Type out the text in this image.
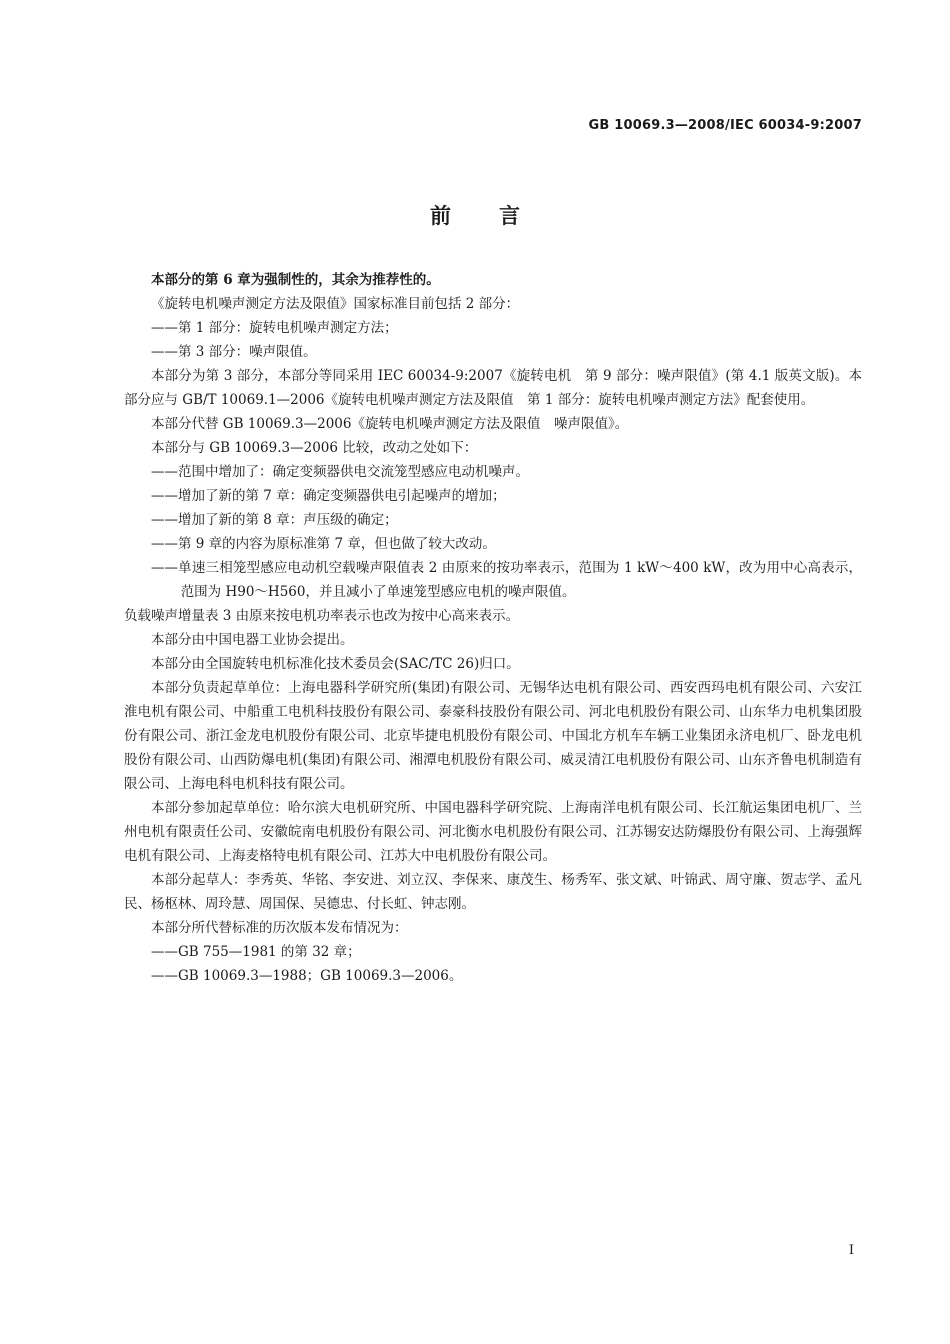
GB 10069.3—2008/IEC 60034-9:2007
前 言

本部分的第 6 章为强制性的，其余为推荐性的。

《旋转电机噪声测定方法及限值》国家标准目前包括 2 部分：

——第 1 部分：旋转电机噪声测定方法；

——第 3 部分：噪声限值。

本部分为第 3 部分，本部分等同采用 IEC 60034-9:2007《旋转电机　第 9 部分：噪声限值》(第 4.1 版英文版)。本部分应与 GB/T 10069.1—2006《旋转电机噪声测定方法及限值　第 1 部分：旋转电机噪声测定方法》配套使用。

本部分代替 GB 10069.3—2006《旋转电机噪声测定方法及限值　噪声限值》。

本部分与 GB 10069.3—2006 比较，改动之处如下：

——范围中增加了：确定变频器供电交流笼型感应电动机噪声。

——增加了新的第 7 章：确定变频器供电引起噪声的增加；

——增加了新的第 8 章：声压级的确定；

——第 9 章的内容为原标准第 7 章，但也做了较大改动。

——单速三相笼型感应电动机空载噪声限值表 2 由原来的按功率表示，范围为 1 kW～400 kW，改为用中心高表示，范围为 H90～H560，并且减小了单速笼型感应电机的噪声限值。

负载噪声增量表 3 由原来按电机功率表示也改为按中心高来表示。

本部分由中国电器工业协会提出。

本部分由全国旋转电机标准化技术委员会(SAC/TC 26)归口。

本部分负责起草单位：上海电器科学研究所(集团)有限公司、无锡华达电机有限公司、西安西玛电机有限公司、六安江淮电机有限公司、中船重工电机科技股份有限公司、泰豪科技股份有限公司、河北电机股份有限公司、山东华力电机集团股份有限公司、浙江金龙电机股份有限公司、北京毕捷电机股份有限公司、中国北方机车车辆工业集团永济电机厂、卧龙电机股份有限公司、山西防爆电机(集团)有限公司、湘潭电机股份有限公司、威灵清江电机股份有限公司、山东齐鲁电机制造有限公司、上海电科电机科技有限公司。

本部分参加起草单位：哈尔滨大电机研究所、中国电器科学研究院、上海南洋电机有限公司、长江航运集团电机厂、兰州电机有限责任公司、安徽皖南电机股份有限公司、河北衡水电机股份有限公司、江苏锡安达防爆股份有限公司、上海强辉电机有限公司、上海麦格特电机有限公司、江苏大中电机股份有限公司。

本部分起草人：李秀英、华铭、李安进、刘立汉、李保来、康茂生、杨秀军、张文斌、叶锦武、周守廉、贺志学、孟凡民、杨枢林、周玲慧、周国保、吴德忠、付长虹、钟志刚。

本部分所代替标准的历次版本发布情况为：

——GB 755—1981 的第 32 章；

——GB 10069.3—1988；GB 10069.3—2006。

I
